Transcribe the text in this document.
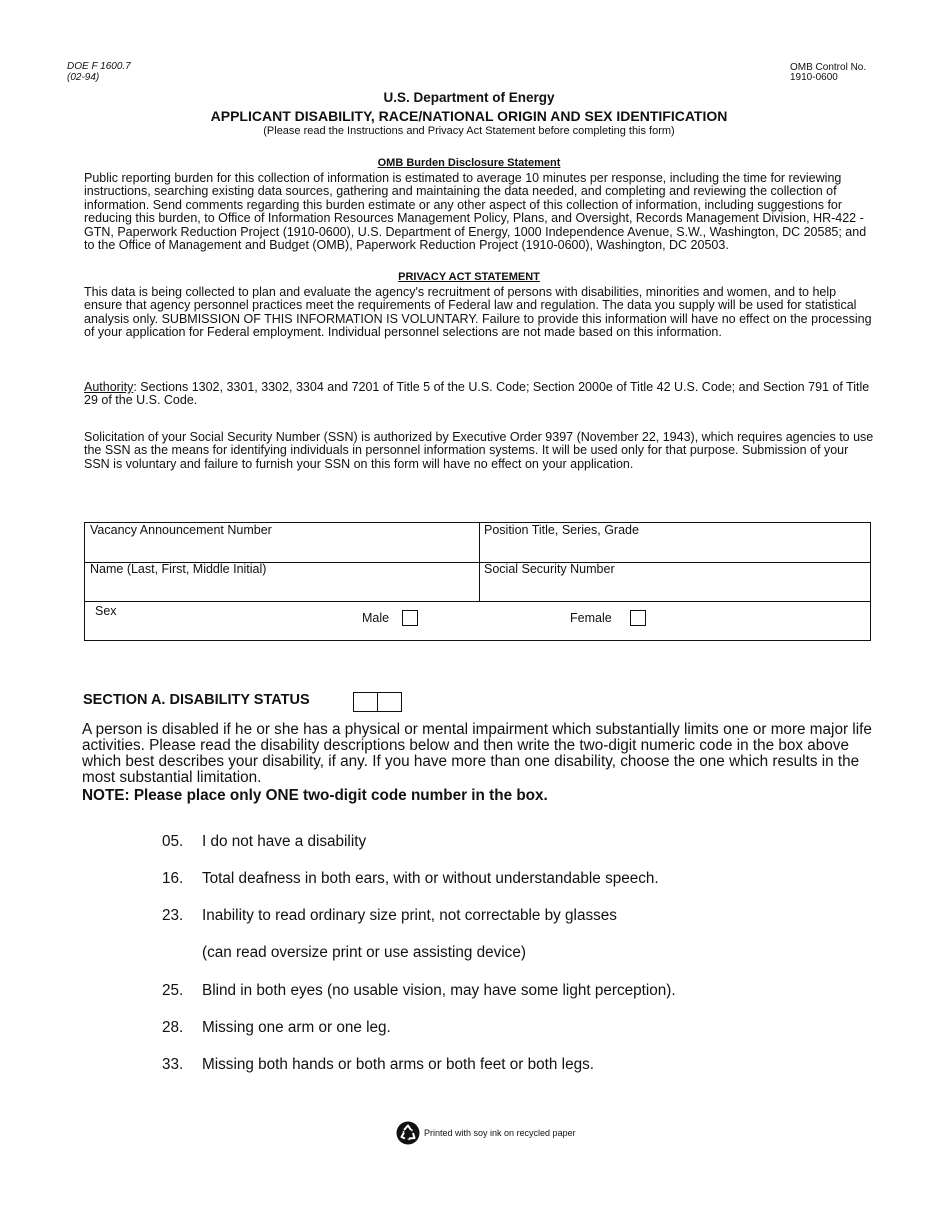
DOE F 1600.7
(02-94)
OMB Control No.
1910-0600
U.S. Department of Energy
APPLICANT DISABILITY, RACE/NATIONAL ORIGIN AND SEX IDENTIFICATION
(Please read the Instructions and Privacy Act Statement before completing this form)
OMB Burden Disclosure Statement
Public reporting burden for this collection of information is estimated to average 10 minutes per response, including the time for reviewing instructions, searching existing data sources, gathering and maintaining the data needed, and completing and reviewing the collection of information. Send comments regarding this burden estimate or any other aspect of this collection of information, including suggestions for reducing this burden, to Office of Information Resources Management Policy, Plans, and Oversight, Records Management Division, HR-422 - GTN, Paperwork Reduction Project (1910-0600), U.S. Department of Energy, 1000 Independence Avenue, S.W., Washington, DC 20585; and to the Office of Management and Budget (OMB), Paperwork Reduction Project (1910-0600), Washington, DC 20503.
PRIVACY ACT STATEMENT
This data is being collected to plan and evaluate the agency's recruitment of persons with disabilities, minorities and women, and to help ensure that agency personnel practices meet the requirements of Federal law and regulation. The data you supply will be used for statistical analysis only. SUBMISSION OF THIS INFORMATION IS VOLUNTARY. Failure to provide this information will have no effect on the processing of your application for Federal employment. Individual personnel selections are not made based on this information.
Authority: Sections 1302, 3301, 3302, 3304 and 7201 of Title 5 of the U.S. Code; Section 2000e of Title 42 U.S. Code; and Section 791 of Title 29 of the U.S. Code.
Solicitation of your Social Security Number (SSN) is authorized by Executive Order 9397 (November 22, 1943), which requires agencies to use the SSN as the means for identifying individuals in personnel information systems. It will be used only for that purpose. Submission of your SSN is voluntary and failure to furnish your SSN on this form will have no effect on your application.
Vacancy Announcement Number	Position Title, Series, Grade
Name (Last, First, Middle Initial)	Social Security Number
Sex	Male	Female
SECTION A. DISABILITY STATUS
A person is disabled if he or she has a physical or mental impairment which substantially limits one or more major life activities. Please read the disability descriptions below and then write the two-digit numeric code in the box above which best describes your disability, if any. If you have more than one disability, choose the one which results in the most substantial limitation.
NOTE: Please place only ONE two-digit code number in the box.
05. I do not have a disability
16. Total deafness in both ears, with or without understandable speech.
23. Inability to read ordinary size print, not correctable by glasses
(can read oversize print or use assisting device)
25. Blind in both eyes (no usable vision, may have some light perception).
28. Missing one arm or one leg.
33. Missing both hands or both arms or both feet or both legs.
Printed with soy ink on recycled paper
